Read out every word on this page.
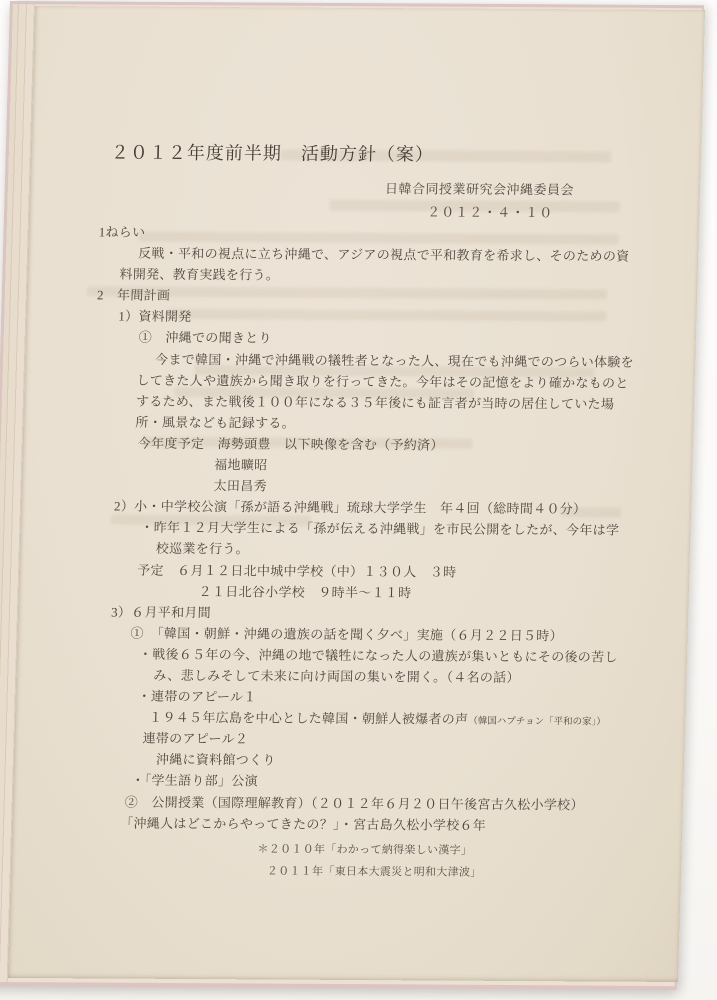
２０１２年度前半期　活動方針（案）
日韓合同授業研究会沖縄委員会
２０１２・４・１０
1ねらい
反戦・平和の視点に立ち沖縄で、アジアの視点で平和教育を希求し、そのための資
料開発、教育実践を行う。
2　年間計画
1）資料開発
①　沖縄での聞きとり
今まで韓国・沖縄で沖縄戦の犠牲者となった人、現在でも沖縄でのつらい体験を
してきた人や遺族から聞き取りを行ってきた。今年はその記憶をより確かなものと
するため、また戦後１００年になる３５年後にも証言者が当時の居住していた場
所・風景なども記録する。
今年度予定　海勢頭豊　以下映像を含む（予約済）
福地曠昭
太田昌秀
2）小・中学校公演「孫が語る沖縄戦」琉球大学学生　年４回（総時間４０分）
・昨年１２月大学生による「孫が伝える沖縄戦」を市民公開をしたが、今年は学
校巡業を行う。
予定　６月１２日北中城中学校（中）１３０人　３時
２１日北谷小学校　９時半～１１時
3）６月平和月間
①　「韓国・朝鮮・沖縄の遺族の話を聞く夕べ」実施（６月２２日５時）
・戦後６５年の今、沖縄の地で犠牲になった人の遺族が集いともにその後の苦し
み、悲しみそして未来に向け両国の集いを開く。（４名の話）
・連帯のアピール１
１９４５年広島を中心とした韓国・朝鮮人被爆者の声（韓国ハプチョン「平和の家」）
連帯のアピール２
沖縄に資料館つくり
・「学生語り部」公演
②　公開授業（国際理解教育）（２０１２年６月２０日午後宮古久松小学校）
「沖縄人はどこからやってきたの？」・宮古島久松小学校６年
＊２０１０年「わかって納得楽しい漢字」
２０１１年「東日本大震災と明和大津波」
